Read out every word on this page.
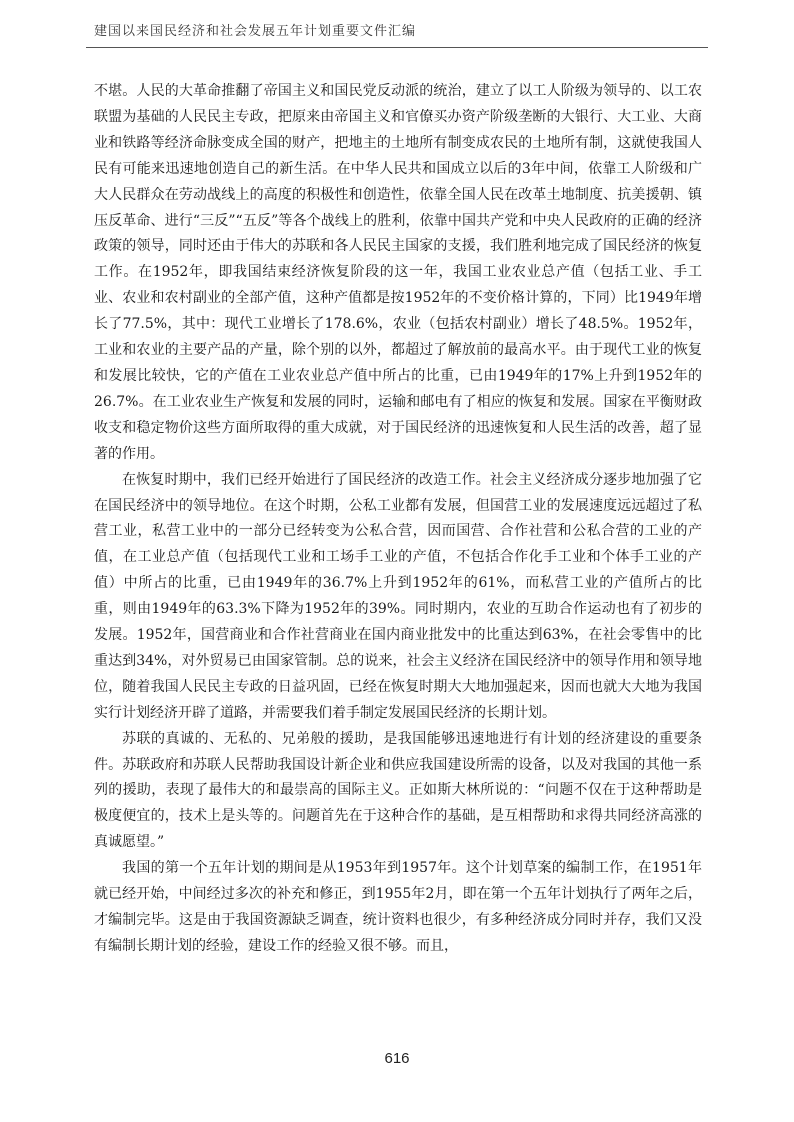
建国以来国民经济和社会发展五年计划重要文件汇编

不堪。人民的大革命推翻了帝国主义和国民党反动派的统治，建立了以工人阶级为领导的、以工农联盟为基础的人民民主专政，把原来由帝国主义和官僚买办资产阶级垄断的大银行、大工业、大商业和铁路等经济命脉变成全国的财产，把地主的土地所有制变成农民的土地所有制，这就使我国人民有可能来迅速地创造自己的新生活。在中华人民共和国成立以后的3年中间，依靠工人阶级和广大人民群众在劳动战线上的高度的积极性和创造性，依靠全国人民在改革土地制度、抗美援朝、镇压反革命、进行“三反”“五反”等各个战线上的胜利，依靠中国共产党和中央人民政府的正确的经济政策的领导，同时还由于伟大的苏联和各人民民主国家的支援，我们胜利地完成了国民经济的恢复工作。在1952年，即我国结束经济恢复阶段的这一年，我国工业农业总产值（包括工业、手工业、农业和农村副业的全部产值，这种产值都是按1952年的不变价格计算的，下同）比1949年增长了77.5%，其中：现代工业增长了178.6%，农业（包括农村副业）增长了48.5%。1952年，工业和农业的主要产品的产量，除个别的以外，都超过了解放前的最高水平。由于现代工业的恢复和发展比较快，它的产值在工业农业总产值中所占的比重，已由1949年的17%上升到1952年的26.7%。在工业农业生产恢复和发展的同时，运输和邮电有了相应的恢复和发展。国家在平衡财政收支和稳定物价这些方面所取得的重大成就，对于国民经济的迅速恢复和人民生活的改善，超了显著的作用。

在恢复时期中，我们已经开始进行了国民经济的改造工作。社会主义经济成分逐步地加强了它在国民经济中的领导地位。在这个时期，公私工业都有发展，但国营工业的发展速度远远超过了私营工业，私营工业中的一部分已经转变为公私合营，因而国营、合作社营和公私合营的工业的产值，在工业总产值（包括现代工业和工场手工业的产值，不包括合作化手工业和个体手工业的产值）中所占的比重，已由1949年的36.7%上升到1952年的61%，而私营工业的产值所占的比重，则由1949年的63.3%下降为1952年的39%。同时期内，农业的互助合作运动也有了初步的发展。1952年，国营商业和合作社营商业在国内商业批发中的比重达到63%，在社会零售中的比重达到34%，对外贸易已由国家管制。总的说来，社会主义经济在国民经济中的领导作用和领导地位，随着我国人民民主专政的日益巩固，已经在恢复时期大大地加强起来，因而也就大大地为我国实行计划经济开辟了道路，并需要我们着手制定发展国民经济的长期计划。

苏联的真诚的、无私的、兄弟般的援助，是我国能够迅速地进行有计划的经济建设的重要条件。苏联政府和苏联人民帮助我国设计新企业和供应我国建设所需的设备，以及对我国的其他一系列的援助，表现了最伟大的和最崇高的国际主义。正如斯大林所说的：“问题不仅在于这种帮助是极度便宜的，技术上是头等的。问题首先在于这种合作的基础，是互相帮助和求得共同经济高涨的真诚愿望。”

我国的第一个五年计划的期间是从1953年到1957年。这个计划草案的编制工作，在1951年就已经开始，中间经过多次的补充和修正，到1955年2月，即在第一个五年计划执行了两年之后，才编制完毕。这是由于我国资源缺乏调查，统计资料也很少，有多种经济成分同时并存，我们又没有编制长期计划的经验，建设工作的经验又很不够。而且，

616
